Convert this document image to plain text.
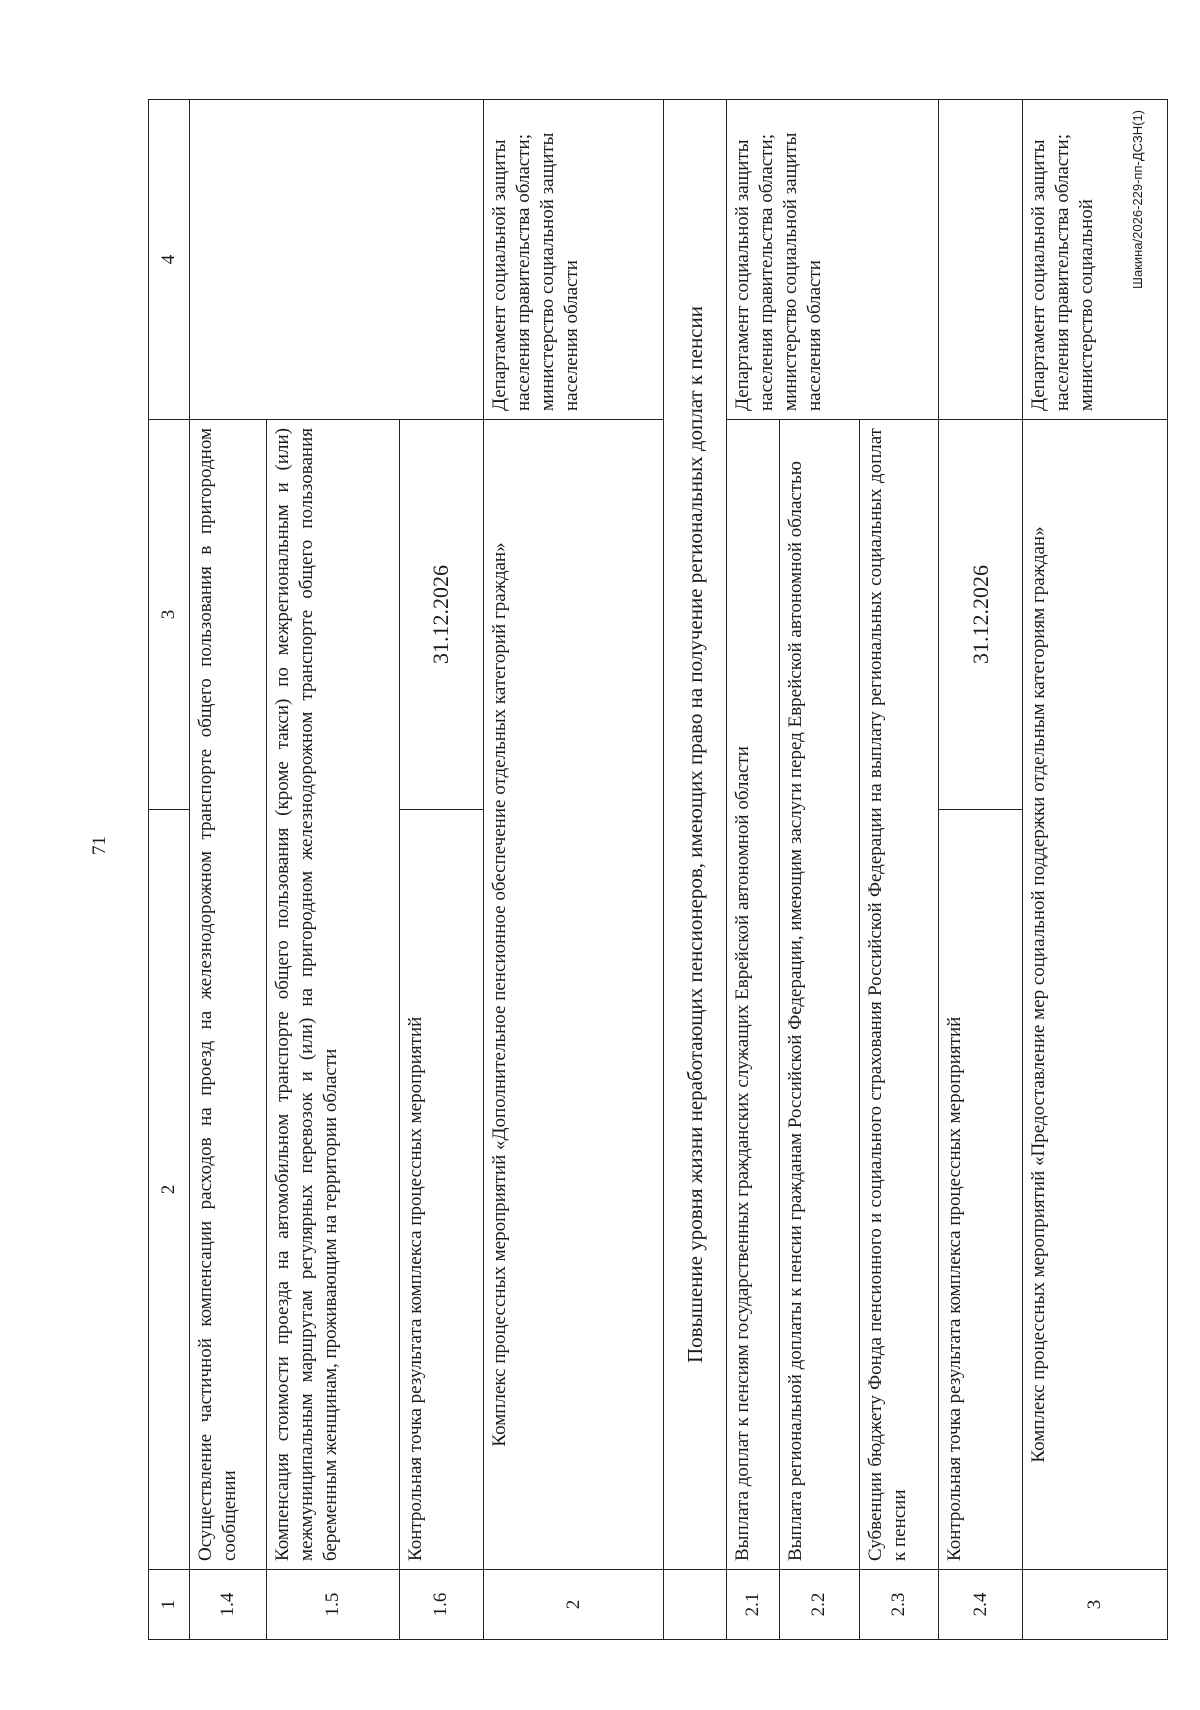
71
Шакина/2026-229-пп-ДСЗН(1)
1	2	3	4
1.4	Осуществление частичной компенсации расходов на проезд на железнодорожном транспорте общего пользования в пригородном сообщении		
1.5	Компенсация стоимости проезда на автомобильном транспорте общего пользования (кроме такси) по межрегиональным и (или) межмуниципальным маршрутам регулярных перевозок и (или) на пригородном железнодорожном транспорте общего пользования беременным женщинам, проживающим на территории области		
1.6	Контрольная точка результата комплекса процессных мероприятий	31.12.2026	
2	Комплекс процессных мероприятий «Дополнительное пенсионное обеспечение отдельных категорий граждан»		Департамент социальной защиты населения правительства области; министерство социальной защиты населения области
	Повышение уровня жизни неработающих пенсионеров, имеющих право на получение региональных доплат к пенсии		
2.1	Выплата доплат к пенсиям государственных гражданских служащих Еврейской автономной области		Департамент социальной защиты населения правительства области; министерство социальной защиты населения области
2.2	Выплата региональной доплаты к пенсии гражданам Российской Федерации, имеющим заслуги перед Еврейской автономной областью		
2.3	Субвенции бюджету Фонда пенсионного и социального страхования Российской Федерации на выплату региональных социальных доплат к пенсии		
2.4	Контрольная точка результата комплекса процессных мероприятий	31.12.2026	
3	Комплекс процессных мероприятий «Предоставление мер социальной поддержки отдельным категориям граждан»		Департамент социальной защиты населения правительства области; министерство социальной
